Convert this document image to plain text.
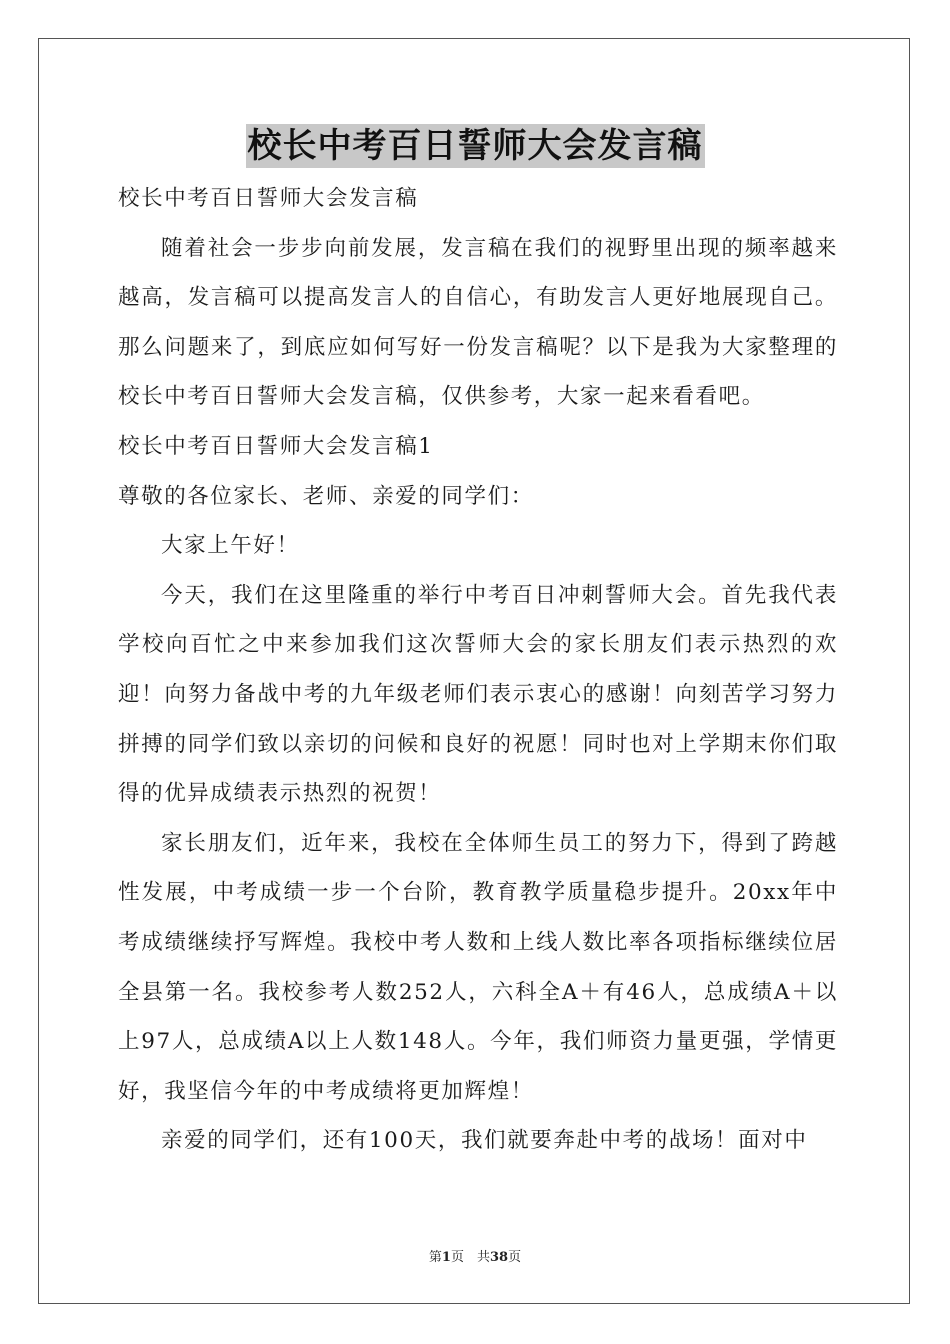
校长中考百日誓师大会发言稿

校长中考百日誓师大会发言稿

随着社会一步步向前发展，发言稿在我们的视野里出现的频率越来越高，发言稿可以提高发言人的自信心，有助发言人更好地展现自己。那么问题来了，到底应如何写好一份发言稿呢？以下是我为大家整理的校长中考百日誓师大会发言稿，仅供参考，大家一起来看看吧。

校长中考百日誓师大会发言稿1

尊敬的各位家长、老师、亲爱的同学们：

大家上午好！

今天，我们在这里隆重的举行中考百日冲刺誓师大会。首先我代表学校向百忙之中来参加我们这次誓师大会的家长朋友们表示热烈的欢迎！向努力备战中考的九年级老师们表示衷心的感谢！向刻苦学习努力拼搏的同学们致以亲切的问候和良好的祝愿！同时也对上学期末你们取得的优异成绩表示热烈的祝贺！

家长朋友们，近年来，我校在全体师生员工的努力下，得到了跨越性发展，中考成绩一步一个台阶，教育教学质量稳步提升。20xx年中考成绩继续抒写辉煌。我校中考人数和上线人数比率各项指标继续位居全县第一名。我校参考人数252人，六科全A＋有46人，总成绩A＋以上97人，总成绩A以上人数148人。今年，我们师资力量更强，学情更好，我坚信今年的中考成绩将更加辉煌！

亲爱的同学们，还有100天，我们就要奔赴中考的战场！面对中

第1页　共38页
